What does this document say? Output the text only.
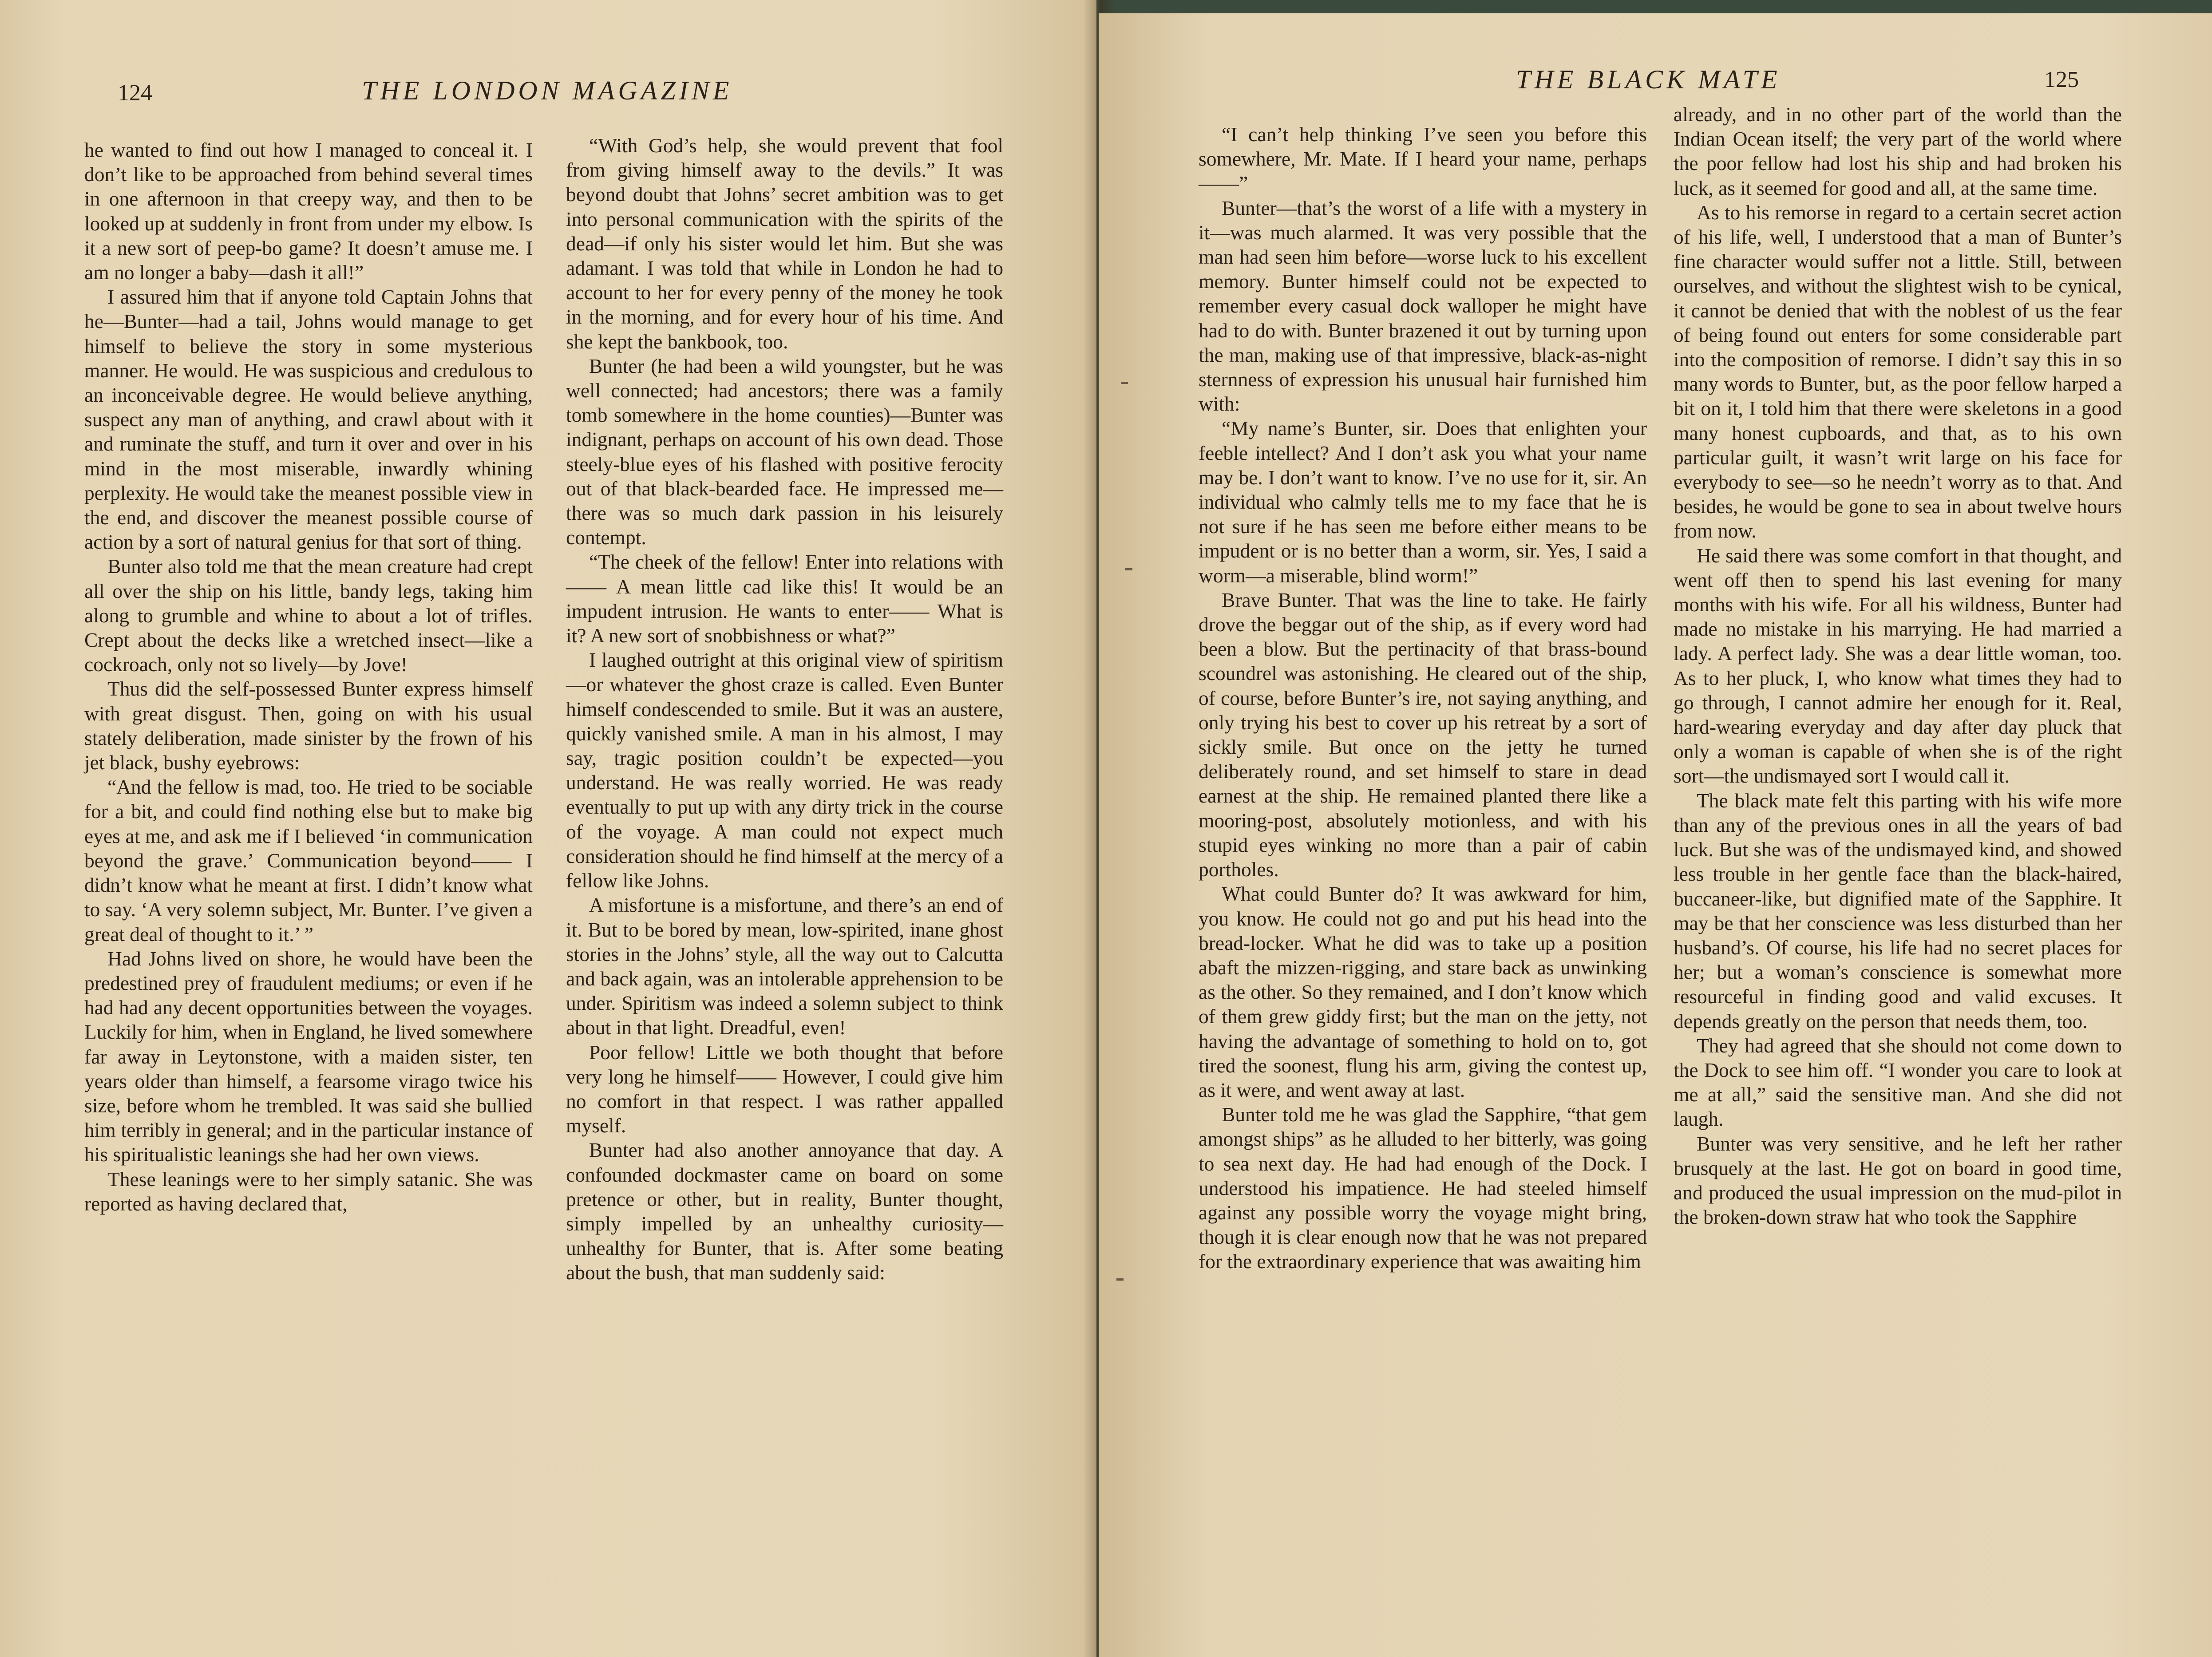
124	THE LONDON MAGAZINE

he wanted to find out how I managed to conceal it. I don’t like to be approached from behind several times in one afternoon in that creepy way, and then to be looked up at suddenly in front from under my elbow. Is it a new sort of peep-bo game? It doesn’t amuse me. I am no longer a baby—dash it all!”

I assured him that if anyone told Captain Johns that he—Bunter—had a tail, Johns would manage to get himself to believe the story in some mysterious manner. He would. He was suspicious and credulous to an inconceivable degree. He would believe anything, suspect any man of anything, and crawl about with it and ruminate the stuff, and turn it over and over in his mind in the most miserable, inwardly whining perplexity. He would take the meanest possible view in the end, and discover the meanest possible course of action by a sort of natural genius for that sort of thing.

Bunter also told me that the mean creature had crept all over the ship on his little, bandy legs, taking him along to grumble and whine to about a lot of trifles. Crept about the decks like a wretched insect—like a cockroach, only not so lively—by Jove!

Thus did the self-possessed Bunter express himself with great disgust. Then, going on with his usual stately deliberation, made sinister by the frown of his jet black, bushy eyebrows:

“And the fellow is mad, too. He tried to be sociable for a bit, and could find nothing else but to make big eyes at me, and ask me if I believed ‘in communication beyond the grave.’ Communication beyond—— I didn’t know what he meant at first. I didn’t know what to say. ‘A very solemn subject, Mr. Bunter. I’ve given a great deal of thought to it.’ ”

Had Johns lived on shore, he would have been the predestined prey of fraudulent mediums; or even if he had had any decent opportunities between the voyages. Luckily for him, when in England, he lived somewhere far away in Leytonstone, with a maiden sister, ten years older than himself, a fearsome virago twice his size, before whom he trembled. It was said she bullied him terribly in general; and in the particular instance of his spiritualistic leanings she had her own views.

These leanings were to her simply satanic. She was reported as having declared that,

“With God’s help, she would prevent that fool from giving himself away to the devils.” It was beyond doubt that Johns’ secret ambition was to get into personal communication with the spirits of the dead—if only his sister would let him. But she was adamant. I was told that while in London he had to account to her for every penny of the money he took in the morning, and for every hour of his time. And she kept the bankbook, too.

Bunter (he had been a wild youngster, but he was well connected; had ancestors; there was a family tomb somewhere in the home counties)—Bunter was indignant, perhaps on account of his own dead. Those steely-blue eyes of his flashed with positive ferocity out of that black-bearded face. He impressed me—there was so much dark passion in his leisurely contempt.

“The cheek of the fellow! Enter into relations with—— A mean little cad like this! It would be an impudent intrusion. He wants to enter—— What is it? A new sort of snobbishness or what?”

I laughed outright at this original view of spiritism—or whatever the ghost craze is called. Even Bunter himself condescended to smile. But it was an austere, quickly vanished smile. A man in his almost, I may say, tragic position couldn’t be expected—you understand. He was really worried. He was ready eventually to put up with any dirty trick in the course of the voyage. A man could not expect much consideration should he find himself at the mercy of a fellow like Johns.

A misfortune is a misfortune, and there’s an end of it. But to be bored by mean, low-spirited, inane ghost stories in the Johns’ style, all the way out to Calcutta and back again, was an intolerable apprehension to be under. Spiritism was indeed a solemn subject to think about in that light. Dreadful, even!

Poor fellow! Little we both thought that before very long he himself—— However, I could give him no comfort in that respect. I was rather appalled myself.

Bunter had also another annoyance that day. A confounded dockmaster came on board on some pretence or other, but in reality, Bunter thought, simply impelled by an unhealthy curiosity—unhealthy for Bunter, that is. After some beating about the bush, that man suddenly said:

THE BLACK MATE	125

“I can’t help thinking I’ve seen you before this somewhere, Mr. Mate. If I heard your name, perhaps——”

Bunter—that’s the worst of a life with a mystery in it—was much alarmed. It was very possible that the man had seen him before—worse luck to his excellent memory. Bunter himself could not be expected to remember every casual dock walloper he might have had to do with. Bunter brazened it out by turning upon the man, making use of that impressive, black-as-night sternness of expression his unusual hair furnished him with:

“My name’s Bunter, sir. Does that enlighten your feeble intellect? And I don’t ask you what your name may be. I don’t want to know. I’ve no use for it, sir. An individual who calmly tells me to my face that he is not sure if he has seen me before either means to be impudent or is no better than a worm, sir. Yes, I said a worm—a miserable, blind worm!”

Brave Bunter. That was the line to take. He fairly drove the beggar out of the ship, as if every word had been a blow. But the pertinacity of that brass-bound scoundrel was astonishing. He cleared out of the ship, of course, before Bunter’s ire, not saying anything, and only trying his best to cover up his retreat by a sort of sickly smile. But once on the jetty he turned deliberately round, and set himself to stare in dead earnest at the ship. He remained planted there like a mooring-post, absolutely motionless, and with his stupid eyes winking no more than a pair of cabin portholes.

What could Bunter do? It was awkward for him, you know. He could not go and put his head into the bread-locker. What he did was to take up a position abaft the mizzen-rigging, and stare back as unwinking as the other. So they remained, and I don’t know which of them grew giddy first; but the man on the jetty, not having the advantage of something to hold on to, got tired the soonest, flung his arm, giving the contest up, as it were, and went away at last.

Bunter told me he was glad the Sapphire, “that gem amongst ships” as he alluded to her bitterly, was going to sea next day. He had had enough of the Dock. I understood his impatience. He had steeled himself against any possible worry the voyage might bring, though it is clear enough now that he was not prepared for the extraordinary experience that was awaiting him

already, and in no other part of the world than the Indian Ocean itself; the very part of the world where the poor fellow had lost his ship and had broken his luck, as it seemed for good and all, at the same time.

As to his remorse in regard to a certain secret action of his life, well, I understood that a man of Bunter’s fine character would suffer not a little. Still, between ourselves, and without the slightest wish to be cynical, it cannot be denied that with the noblest of us the fear of being found out enters for some considerable part into the composition of remorse. I didn’t say this in so many words to Bunter, but, as the poor fellow harped a bit on it, I told him that there were skeletons in a good many honest cupboards, and that, as to his own particular guilt, it wasn’t writ large on his face for everybody to see—so he needn’t worry as to that. And besides, he would be gone to sea in about twelve hours from now.

He said there was some comfort in that thought, and went off then to spend his last evening for many months with his wife. For all his wildness, Bunter had made no mistake in his marrying. He had married a lady. A perfect lady. She was a dear little woman, too. As to her pluck, I, who know what times they had to go through, I cannot admire her enough for it. Real, hard-wearing everyday and day after day pluck that only a woman is capable of when she is of the right sort—the undismayed sort I would call it.

The black mate felt this parting with his wife more than any of the previous ones in all the years of bad luck. But she was of the undismayed kind, and showed less trouble in her gentle face than the black-haired, buccaneer-like, but dignified mate of the Sapphire. It may be that her conscience was less disturbed than her husband’s. Of course, his life had no secret places for her; but a woman’s conscience is somewhat more resourceful in finding good and valid excuses. It depends greatly on the person that needs them, too.

They had agreed that she should not come down to the Dock to see him off. “I wonder you care to look at me at all,” said the sensitive man. And she did not laugh.

Bunter was very sensitive, and he left her rather brusquely at the last. He got on board in good time, and produced the usual impression on the mud-pilot in the broken-down straw hat who took the Sapphire
